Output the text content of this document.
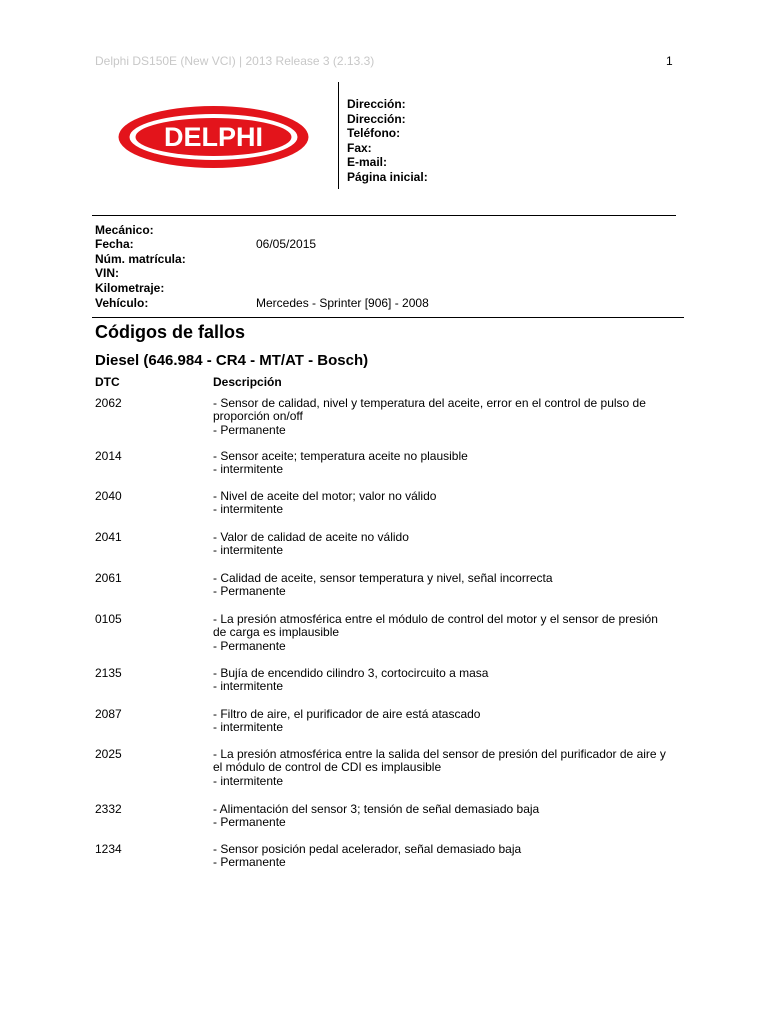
Delphi DS150E (New VCI) | 2013 Release 3 (2.13.3)	1
DELPHI
Dirección:
Dirección:
Teléfono:
Fax:
E-mail:
Página inicial:
Mecánico:
Fecha:	06/05/2015
Núm. matrícula:
VIN:
Kilometraje:
Vehículo:	Mercedes - Sprinter [906] - 2008
Códigos de fallos
Diesel (646.984 - CR4 - MT/AT - Bosch)
DTC	Descripción
2062	- Sensor de calidad, nivel y temperatura del aceite, error en el control de pulso de proporción on/off
- Permanente
2014	- Sensor aceite; temperatura aceite no plausible
- intermitente
2040	- Nivel de aceite del motor; valor no válido
- intermitente
2041	- Valor de calidad de aceite no válido
- intermitente
2061	- Calidad de aceite, sensor temperatura y nivel, señal incorrecta
- Permanente
0105	- La presión atmosférica entre el módulo de control del motor y el sensor de presión de carga es implausible
- Permanente
2135	- Bujía de encendido cilindro 3, cortocircuito a masa
- intermitente
2087	- Filtro de aire, el purificador de aire está atascado
- intermitente
2025	- La presión atmosférica entre la salida del sensor de presión del purificador de aire y el módulo de control de CDI es implausible
- intermitente
2332	- Alimentación del sensor 3; tensión de señal demasiado baja
- Permanente
1234	- Sensor posición pedal acelerador, señal demasiado baja
- Permanente
